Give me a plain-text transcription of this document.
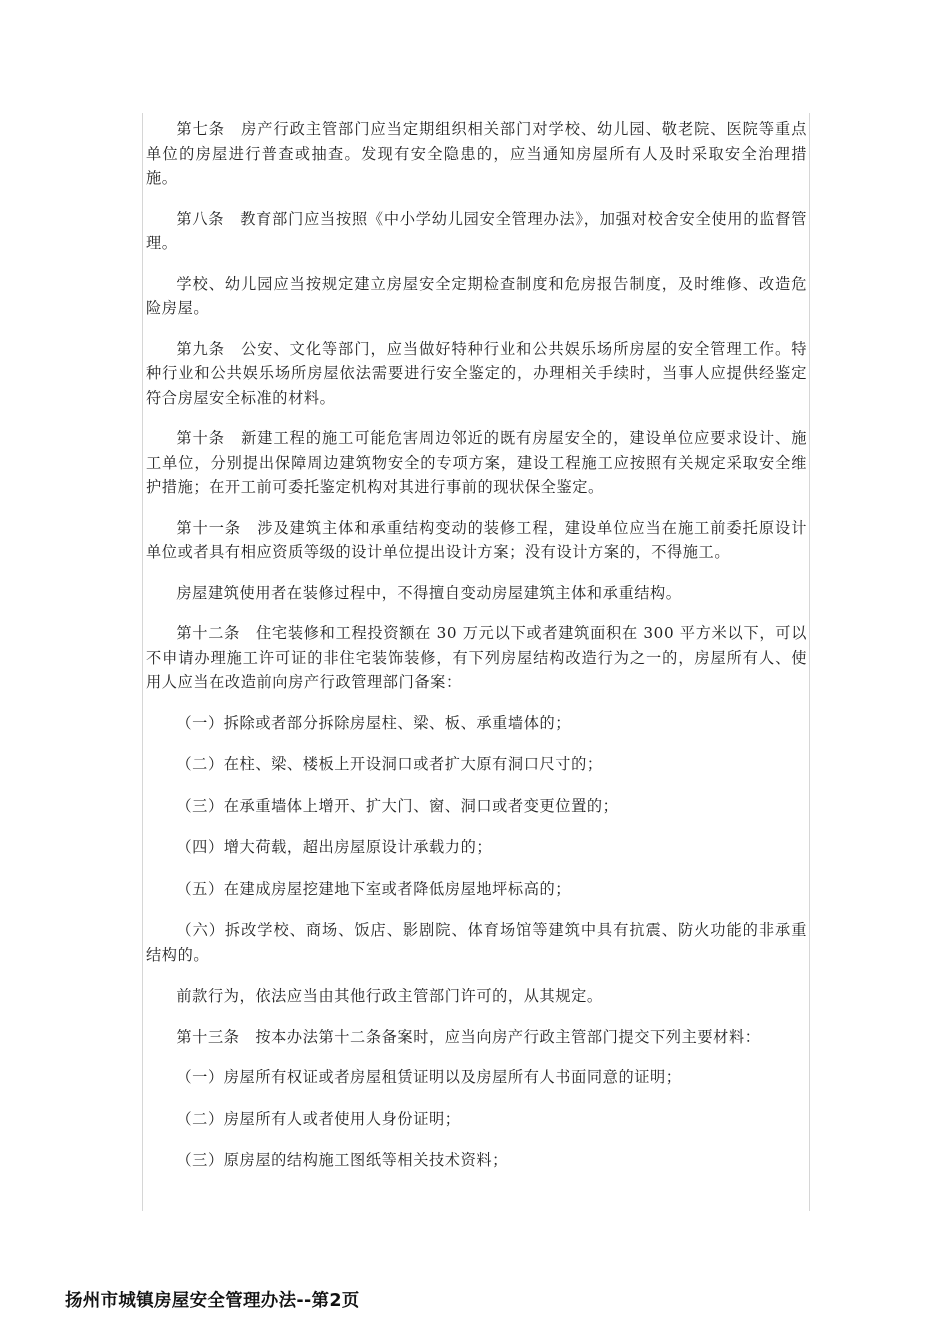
第七条　房产行政主管部门应当定期组织相关部门对学校、幼儿园、敬老院、医院等重点单位的房屋进行普查或抽查。发现有安全隐患的，应当通知房屋所有人及时采取安全治理措施。

第八条　教育部门应当按照《中小学幼儿园安全管理办法》，加强对校舍安全使用的监督管理。

学校、幼儿园应当按规定建立房屋安全定期检查制度和危房报告制度，及时维修、改造危险房屋。

第九条　公安、文化等部门，应当做好特种行业和公共娱乐场所房屋的安全管理工作。特种行业和公共娱乐场所房屋依法需要进行安全鉴定的，办理相关手续时，当事人应提供经鉴定符合房屋安全标准的材料。

第十条　新建工程的施工可能危害周边邻近的既有房屋安全的，建设单位应要求设计、施工单位，分别提出保障周边建筑物安全的专项方案，建设工程施工应按照有关规定采取安全维护措施；在开工前可委托鉴定机构对其进行事前的现状保全鉴定。

第十一条　涉及建筑主体和承重结构变动的装修工程，建设单位应当在施工前委托原设计单位或者具有相应资质等级的设计单位提出设计方案；没有设计方案的，不得施工。

房屋建筑使用者在装修过程中，不得擅自变动房屋建筑主体和承重结构。

第十二条　住宅装修和工程投资额在 30 万元以下或者建筑面积在 300 平方米以下，可以不申请办理施工许可证的非住宅装饰装修，有下列房屋结构改造行为之一的，房屋所有人、使用人应当在改造前向房产行政管理部门备案：

（一）拆除或者部分拆除房屋柱、梁、板、承重墙体的；

（二）在柱、梁、楼板上开设洞口或者扩大原有洞口尺寸的；

（三）在承重墙体上增开、扩大门、窗、洞口或者变更位置的；

（四）增大荷载，超出房屋原设计承载力的；

（五）在建成房屋挖建地下室或者降低房屋地坪标高的；

（六）拆改学校、商场、饭店、影剧院、体育场馆等建筑中具有抗震、防火功能的非承重结构的。

前款行为，依法应当由其他行政主管部门许可的，从其规定。

第十三条　按本办法第十二条备案时，应当向房产行政主管部门提交下列主要材料：

（一）房屋所有权证或者房屋租赁证明以及房屋所有人书面同意的证明；

（二）房屋所有人或者使用人身份证明；

（三）原房屋的结构施工图纸等相关技术资料；

扬州市城镇房屋安全管理办法--第2页
